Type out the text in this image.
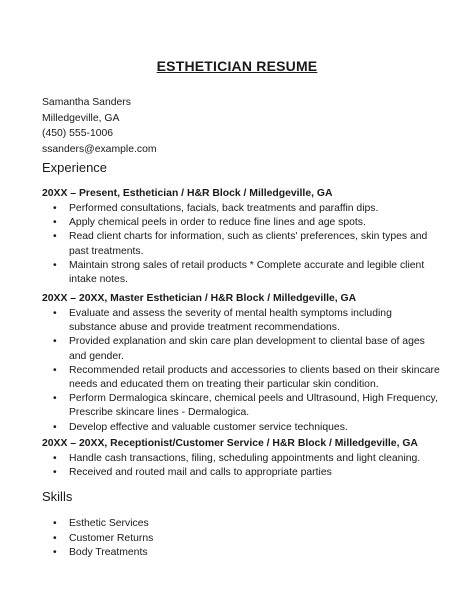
ESTHETICIAN RESUME
Samantha Sanders
Milledgeville, GA
(450) 555-1006
ssanders@example.com
Experience
20XX – Present, Esthetician / H&R Block / Milledgeville, GA
• Performed consultations, facials, back treatments and paraffin dips.
• Apply chemical peels in order to reduce fine lines and age spots.
• Read client charts for information, such as clients' preferences, skin types and past treatments.
• Maintain strong sales of retail products * Complete accurate and legible client intake notes.
20XX – 20XX, Master Esthetician / H&R Block / Milledgeville, GA
• Evaluate and assess the severity of mental health symptoms including substance abuse and provide treatment recommendations.
• Provided explanation and skin care plan development to cliental base of ages and gender.
• Recommended retail products and accessories to clients based on their skincare needs and educated them on treating their particular skin condition.
• Perform Dermalogica skincare, chemical peels and Ultrasound, High Frequency, Prescribe skincare lines - Dermalogica.
• Develop effective and valuable customer service techniques.
20XX – 20XX, Receptionist/Customer Service / H&R Block / Milledgeville, GA
• Handle cash transactions, filing, scheduling appointments and light cleaning.
• Received and routed mail and calls to appropriate parties
Skills
• Esthetic Services
• Customer Returns
• Body Treatments
